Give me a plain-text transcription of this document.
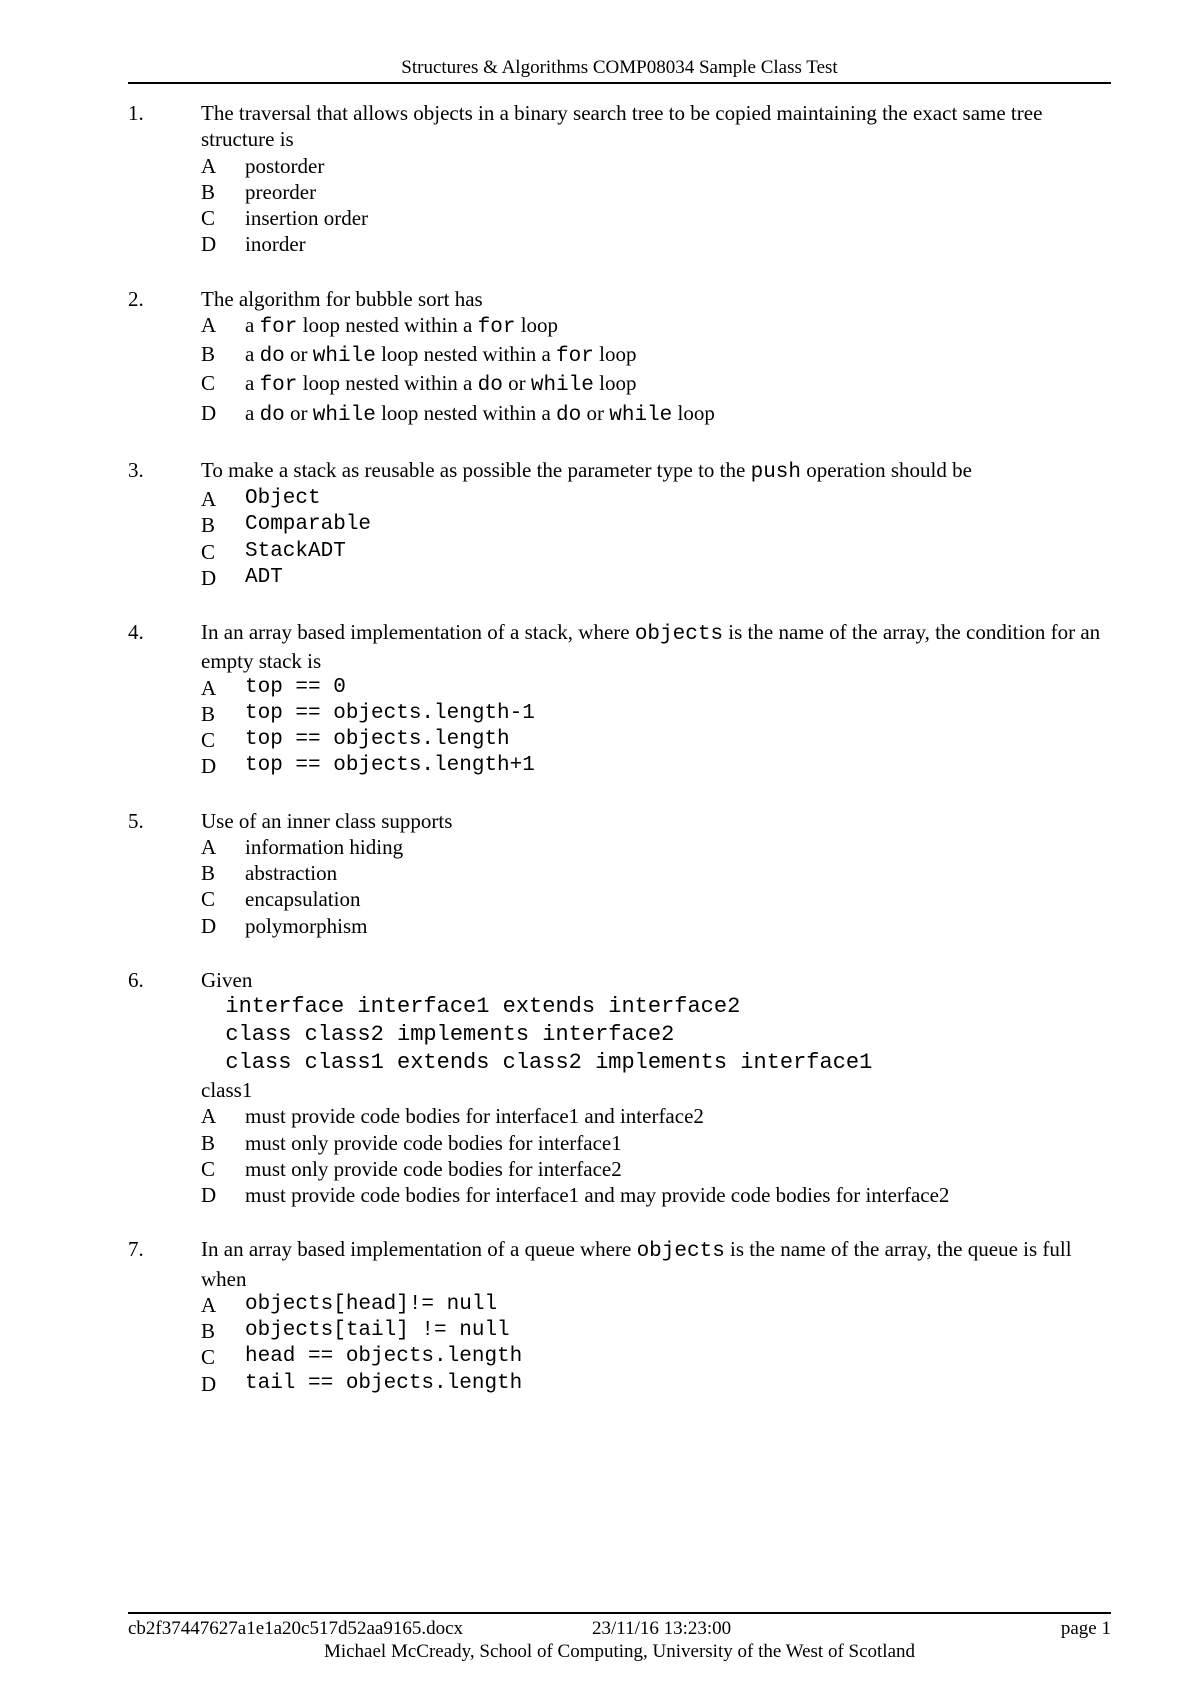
Structures & Algorithms COMP08034 Sample Class Test
1.	The traversal that allows objects in a binary search tree to be copied maintaining the exact same tree structure is

A	postorder
B	preorder
C	insertion order
D	inorder
2.	The algorithm for bubble sort has

A	a for loop nested within a for loop
B	a do or while loop nested within a for loop
C	a for loop nested within a do or while loop
D	a do or while loop nested within a do or while loop
3.	To make a stack as reusable as possible the parameter type to the push operation should be

A	Object
B	Comparable
C	StackADT
D	ADT
4.	In an array based implementation of a stack, where objects is the name of the array, the condition for an empty stack is

A	top == 0
B	top == objects.length-1
C	top == objects.length
D	top == objects.length+1
5.	Use of an inner class supports

A	information hiding
B	abstraction
C	encapsulation
D	polymorphism
6.	Given

interface interface1 extends interface2
class class2 implements interface2
class class1 extends class2 implements interface1
class1
A	must provide code bodies for interface1 and interface2
B	must only provide code bodies for interface1
C	must only provide code bodies for interface2
D	must provide code bodies for interface1 and may provide code bodies for interface2
7.	In an array based implementation of a queue where objects is the name of the array, the queue is full when

A	objects[head]!= null
B	objects[tail] != null
C	head == objects.length
D	tail == objects.length
cb2f37447627a1e1a20c517d52aa9165.docx	23/11/16 13:23:00	page 1
Michael McCready, School of Computing, University of the West of Scotland
